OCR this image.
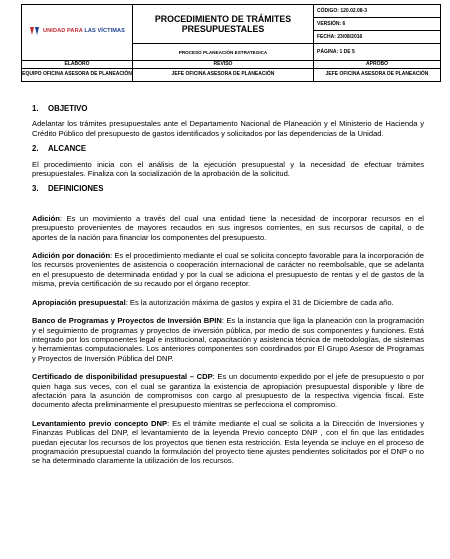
UNIDAD PARA LAS VÍCTIMAS	PROCEDIMIENTO DE TRÁMITES PRESUPUESTALES	CÓDIGO: 120.02.08-3
		VERSIÓN: 6
		FECHA: 23/08/2016
	PROCESO PLANEACIÓN ESTRATEGICA	PÁGINA: 1 DE 5
ELABORÓ	REVISÓ	APROBÓ
EQUIPO OFICINA ASESORA DE PLANEACIÓN	JEFE OFICINA ASESORA DE PLANEACIÓN	JEFE OFICINA ASESORA DE PLANEACIÓN
1.	OBJETIVO

Adelantar los trámites presupuestales ante el Departamento Nacional de Planeación y el Ministerio de Hacienda y Crédito Público del presupuesto de gastos identificados y solicitados por las dependencias de la Unidad.

2.	ALCANCE

El procedimiento inicia con el análisis de la ejecución presupuestal y la necesidad de efectuar trámites presupuestales. Finaliza con la socialización de la aprobación de la solicitud.

3.	DEFINICIONES

Adición: Es un movimiento a través del cual una entidad tiene la necesidad de incorporar recursos en el presupuesto provenientes de mayores recaudos en sus ingresos corrientes, en sus recursos de capital, o de aportes de la nación para financiar los componentes del presupuesto.

Adición por donación: Es el procedimiento mediante el cual se solicita concepto favorable para la incorporación de los recursos provenientes de asistencia o cooperación internacional de carácter no reembolsable, que se adelanta en el presupuesto de determinada entidad y por la cual se adiciona el presupuesto de rentas y el de gastos de la misma, previa certificación de su recaudo por el órgano receptor.

Apropiación presupuestal: Es la autorización máxima de gastos y expira el 31 de Diciembre de cada año.

Banco de Programas y Proyectos de Inversión BPIN: Es la instancia que liga la planeación con la programación y el seguimiento de programas y proyectos de inversión pública, por medio de sus componentes y funciones. Está integrado por los componentes legal e institucional, capacitación y asistencia técnica de metodologías, de sistemas y herramientas computacionales. Los anteriores componentes son coordinados por El Grupo Asesor de Programas y Proyectos de Inversión Pública del DNP.

Certificado de disponibilidad presupuestal – CDP: Es un documento expedido por el jefe de presupuesto o por quien haga sus veces, con el cual se garantiza la existencia de apropiación presupuestal disponible y libre de afectación para la asunción de compromisos con cargo al presupuesto de la respectiva vigencia fiscal. Este documento afecta preliminarmente el presupuesto mientras se perfecciona el compromiso.

Levantamiento previo concepto DNP: Es el trámite mediante el cual se solicita a la Dirección de Inversiones y Finanzas Publicas del DNP, el levantamiento de la leyenda Previo concepto DNP , con el fin que las entidades puedan ejecutar los recursos de los proyectos que tienen esta restricción. Esta leyenda se incluye en el proceso de programación presupuestal cuando la formulación del proyecto tiene ajustes pendientes solicitados por el DNP o no se ha determinado claramente la utilización de los recursos.
